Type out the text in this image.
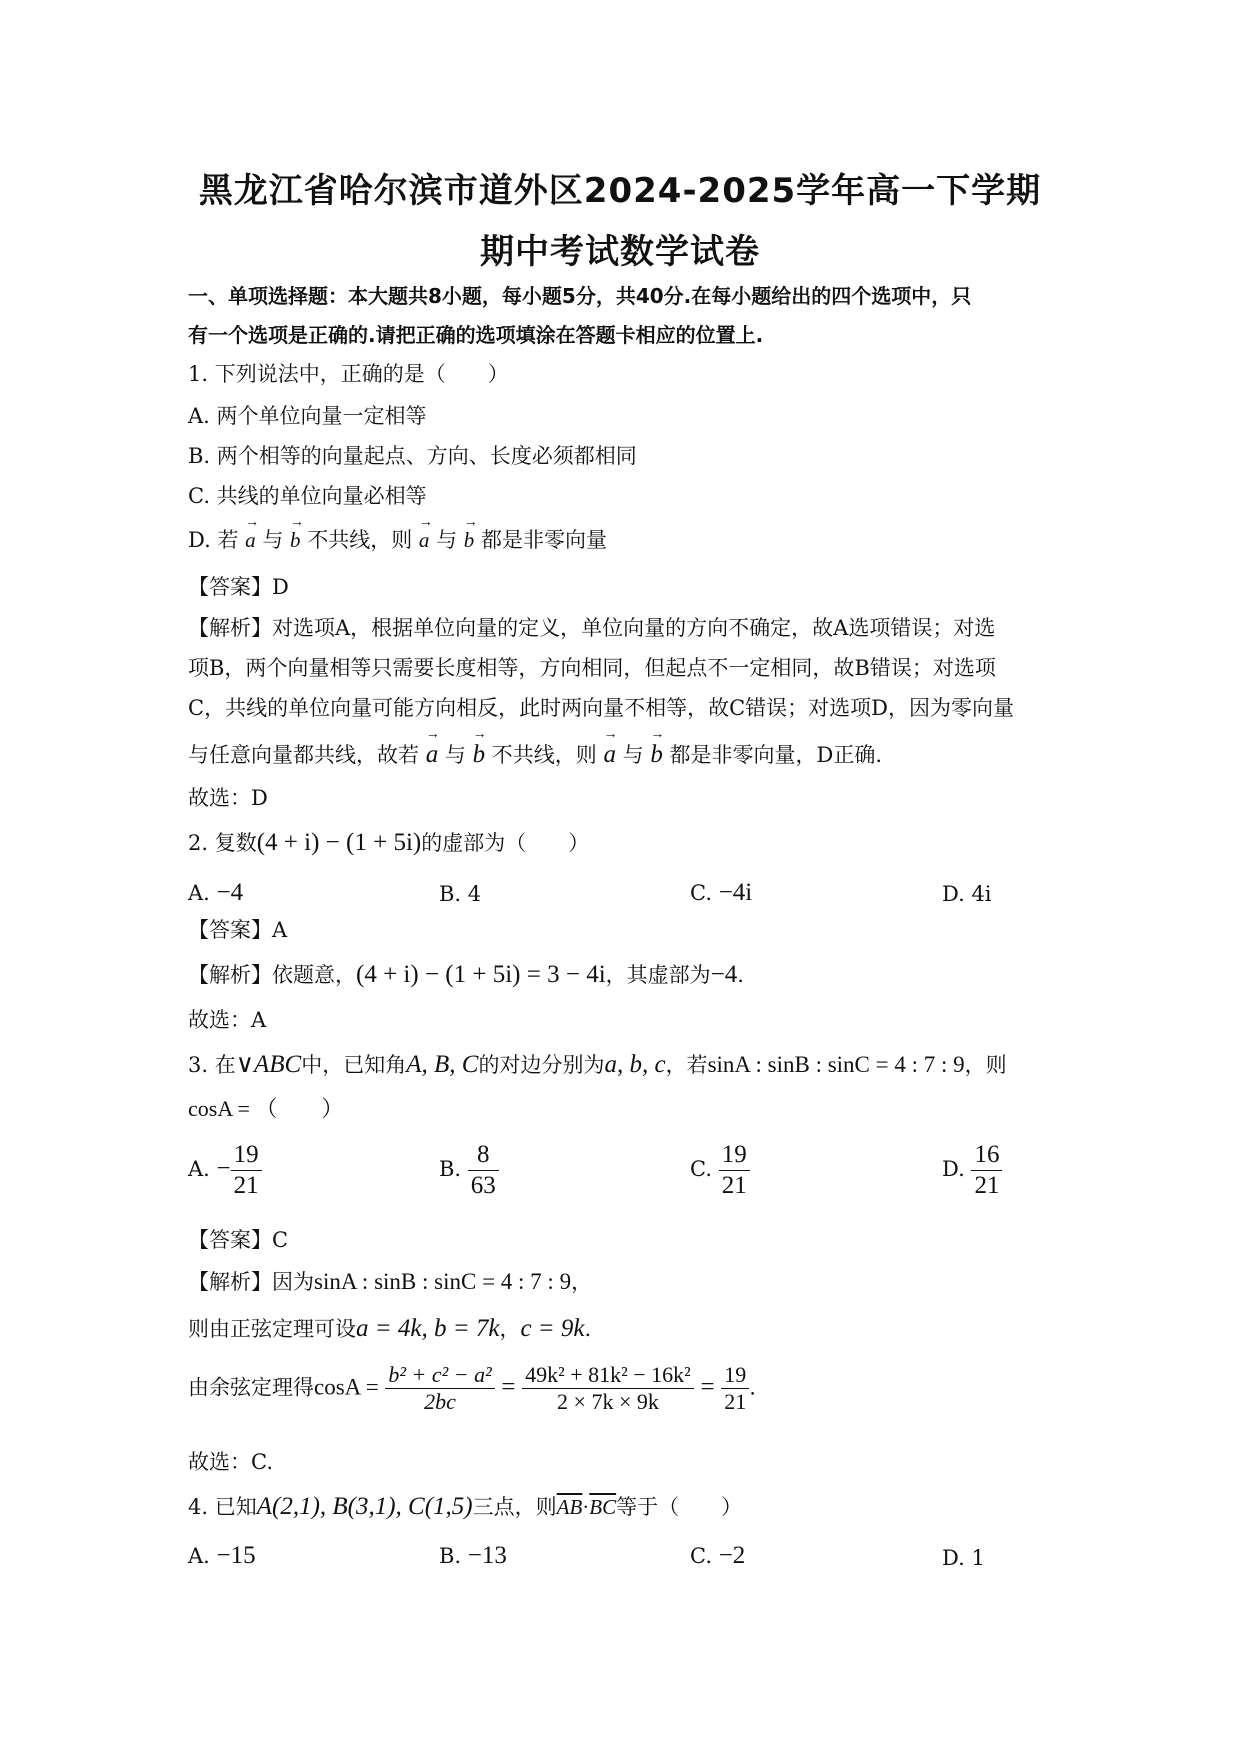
黑龙江省哈尔滨市道外区2024-2025学年高一下学期
期中考试数学试卷
一、单项选择题：本大题共8小题，每小题5分，共40分.在每小题给出的四个选项中，只
有一个选项是正确的.请把正确的选项填涂在答题卡相应的位置上.
1. 下列说法中，正确的是（　　）
A. 两个单位向量一定相等
B. 两个相等的向量起点、方向、长度必须都相同
C. 共线的单位向量必相等
D. 若 → a 与 → b 不共线，则 → a 与 → b 都是非零向量
【答案】D
【解析】对选项A，根据单位向量的定义，单位向量的方向不确定，故A选项错误；对选
项B，两个向量相等只需要长度相等，方向相同，但起点不一定相同，故B错误；对选项
C，共线的单位向量可能方向相反，此时两向量不相等，故C错误；对选项D，因为零向量
与任意向量都共线，故若 → a 与 → b 不共线，则 → a 与 → b 都是非零向量，D正确.
故选：D
2. 复数(4 + i) − (1 + 5i)的虚部为（　　）
A. −4	B. 4	C. −4i	D. 4i
【答案】A
【解析】依题意，(4 + i) − (1 + 5i) = 3 − 4i，其虚部为−4.
故选：A
3. 在∨ABC中，已知角A, B, C的对边分别为a, b, c，若sinA : sinB : sinC = 4 : 7 : 9，则
cosA = （　　）
A. − $\frac{19}{21}$	B. $\frac{8}{63}$	C. $\frac{19}{21}$	D. $\frac{16}{21}$
【答案】C
【解析】因为sinA : sinB : sinC = 4 : 7 : 9，
则由正弦定理可设a = 4k, b = 7k，c = 9k.
由余弦定理得$\cos A = \frac{\text{b² + c² − a²}}{2bc} = \frac{\text{49k² + 81k² − 16k²}}{2 \times 7k \times 9k} = \frac{19}{21}$ .
故选：C.
4. 已知A(2,1), B(3,1), C(1,5)三点，则$\overline{AB}\cdot\overline{BC}$等于（　　）
A. −15	B. −13	C. −2	D. 1
